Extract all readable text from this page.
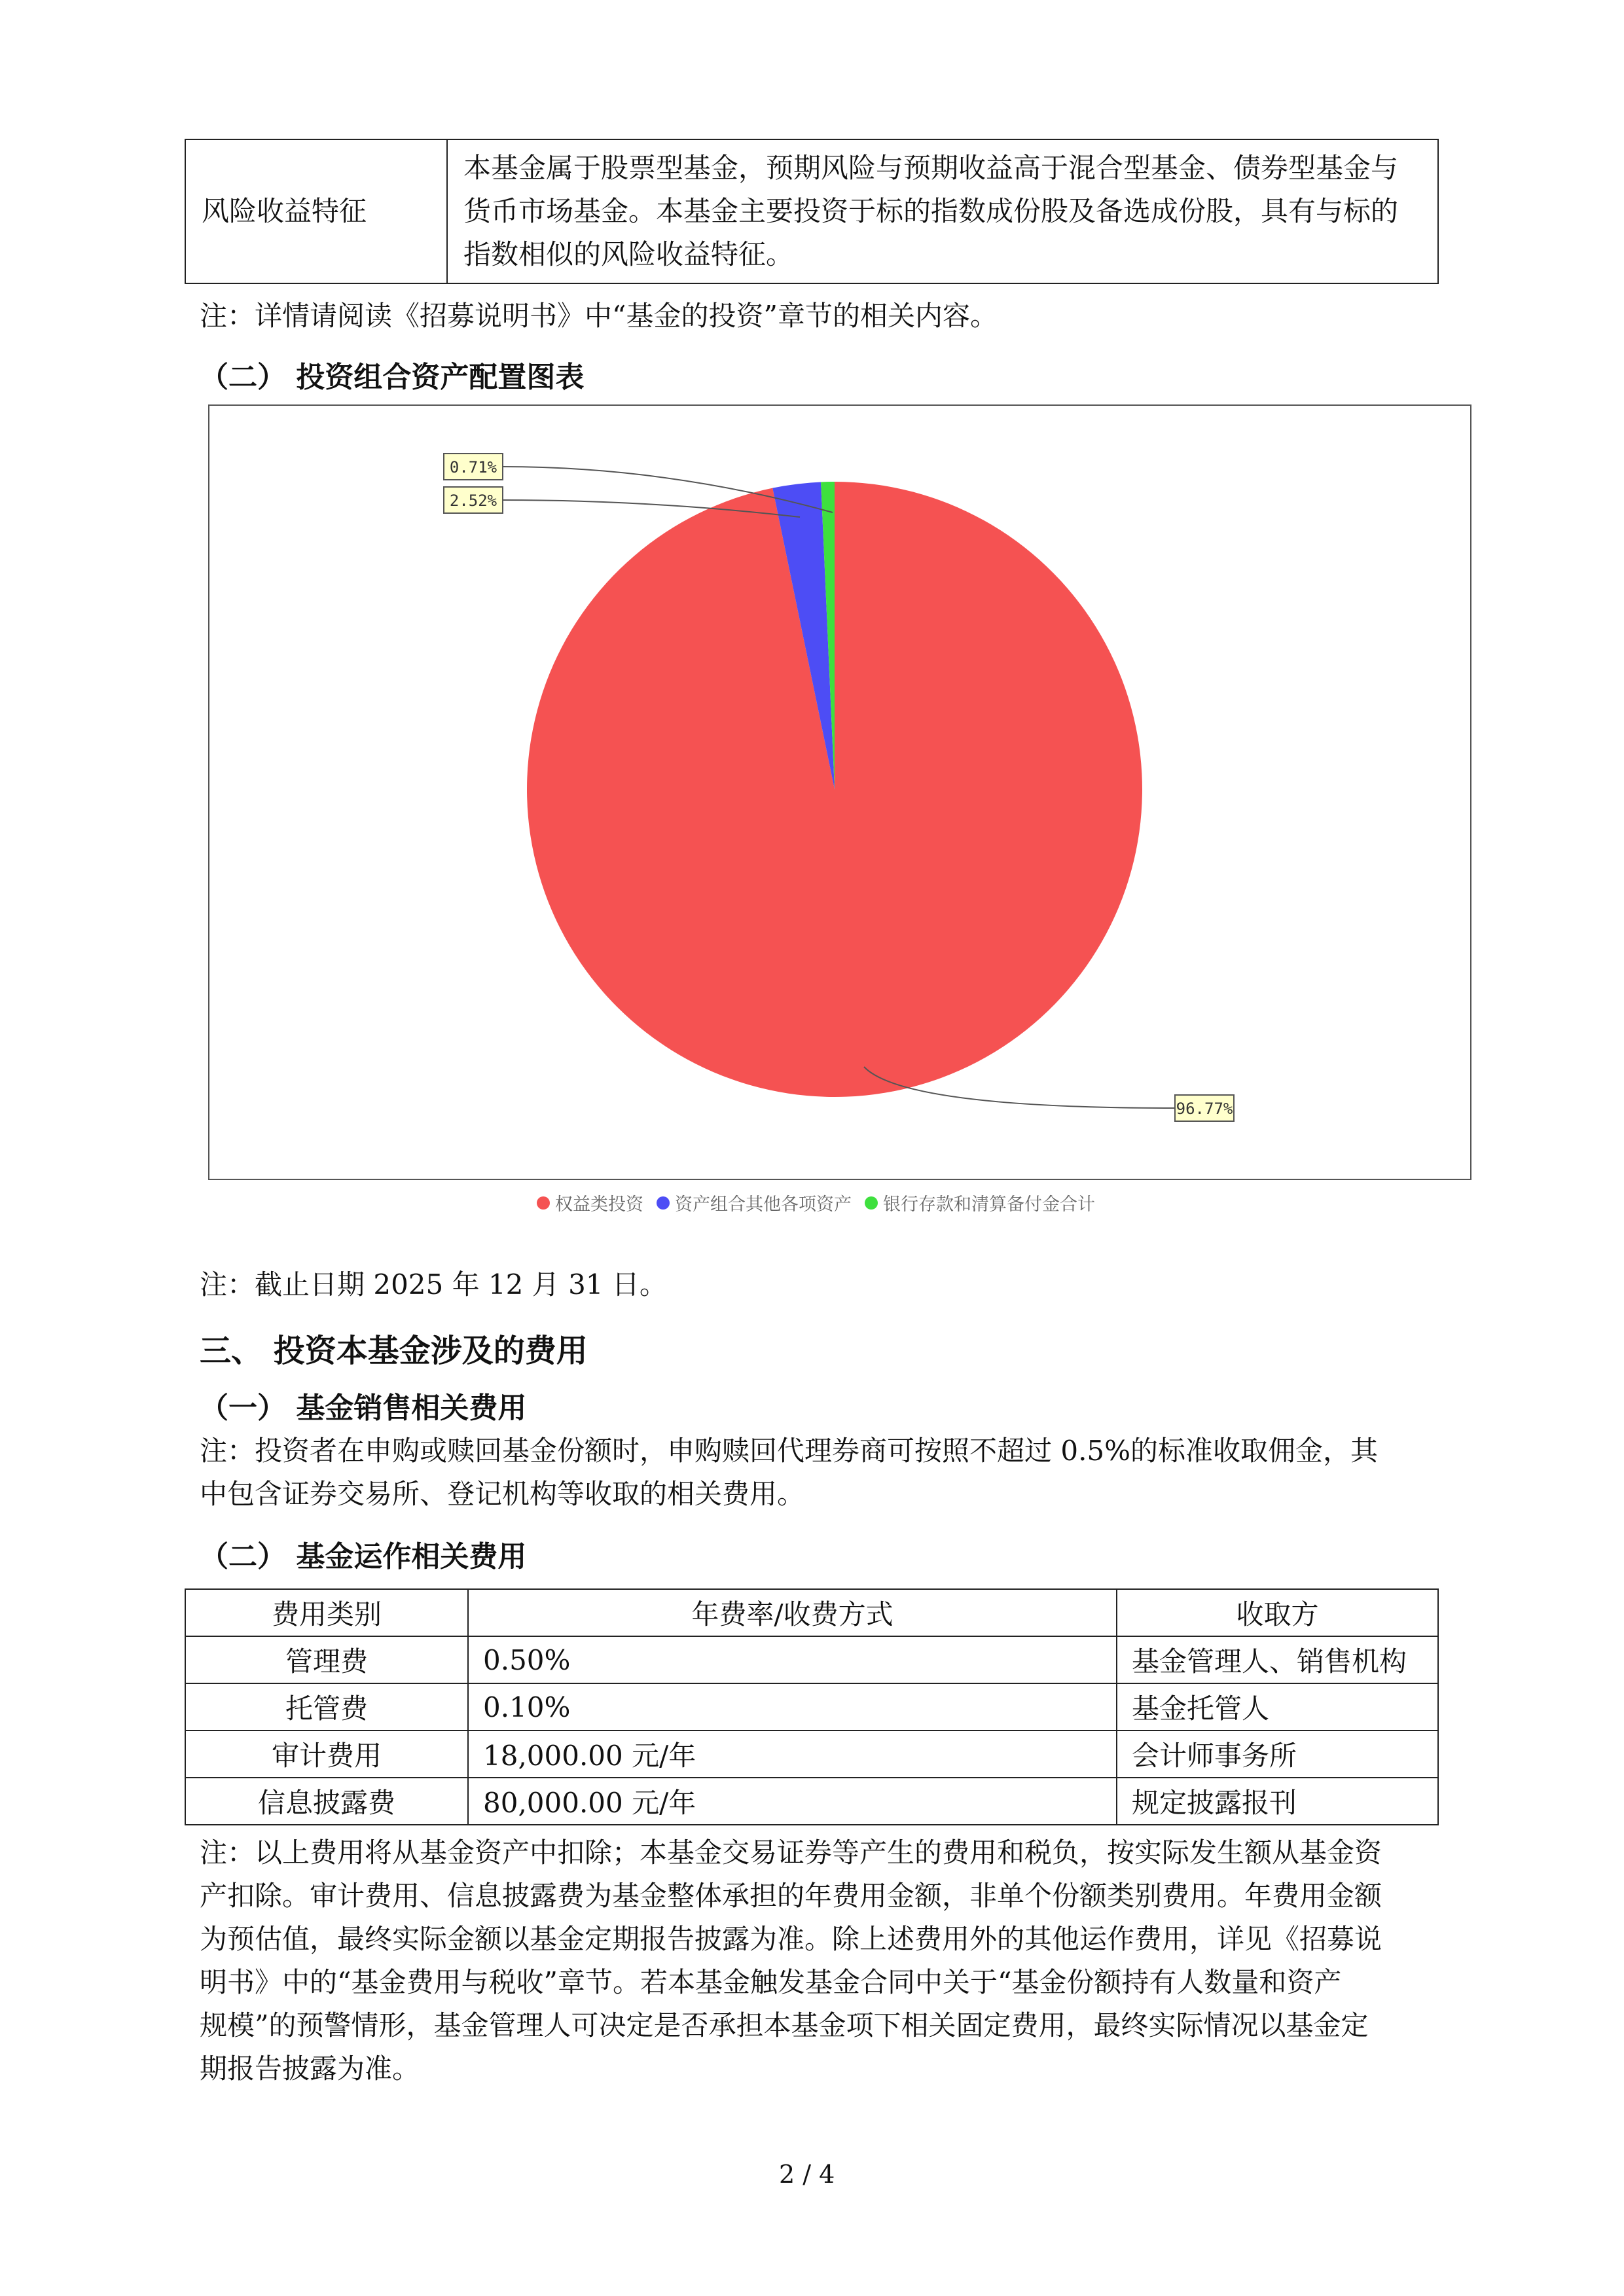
风险收益特征	
本基金属于股票型基金，预期风险与预期收益高于混合型基金、债券型基金与
货币市场基金。本基金主要投资于标的指数成份股及备选成份股，具有与标的
指数相似的风险收益特征。
注：详情请阅读《招募说明书》中“基金的投资”章节的相关内容。
（二） 投资组合资产配置图表
96.77%
2.52%
0.71%
权益类投资 资产组合其他各项资产 银行存款和清算备付金合计
注：截止日期 2025 年 12 月 31 日。
三、 投资本基金涉及的费用
（一） 基金销售相关费用
注：投资者在申购或赎回基金份额时，申购赎回代理券商可按照不超过 0.5%的标准收取佣金，其
中包含证券交易所、登记机构等收取的相关费用。
（二） 基金运作相关费用
费用类别	年费率/收费方式	收取方
管理费	0.50%	基金管理人、销售机构
托管费	0.10%	基金托管人
审计费用	18,000.00 元/年	会计师事务所
信息披露费	80,000.00 元/年	规定披露报刊
注：以上费用将从基金资产中扣除；本基金交易证券等产生的费用和税负，按实际发生额从基金资
产扣除。审计费用、信息披露费为基金整体承担的年费用金额，非单个份额类别费用。年费用金额
为预估值，最终实际金额以基金定期报告披露为准。除上述费用外的其他运作费用，详见《招募说
明书》中的“基金费用与税收”章节。若本基金触发基金合同中关于“基金份额持有人数量和资产
规模”的预警情形，基金管理人可决定是否承担本基金项下相关固定费用，最终实际情况以基金定
期报告披露为准。
2 / 4
